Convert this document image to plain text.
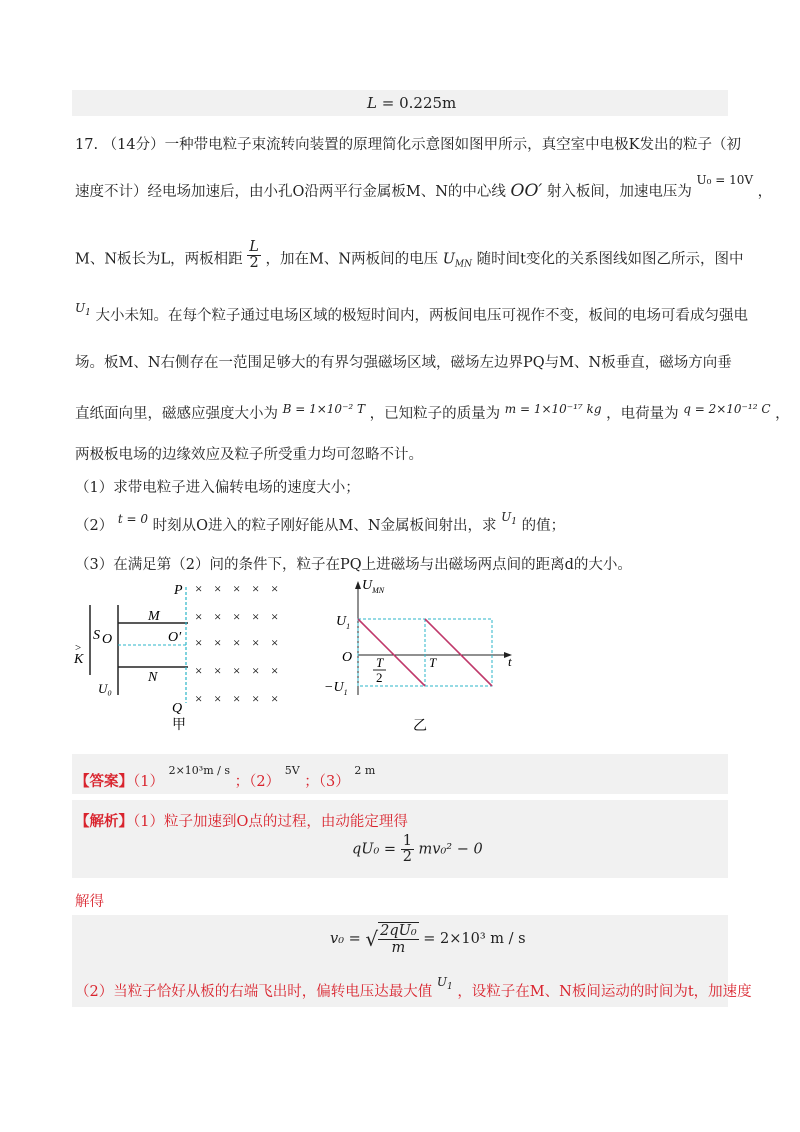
L = 0.225m
17. （14分）一种带电粒子束流转向装置的原理简化示意图如图甲所示，真空室中电极K发出的粒子（初
速度不计）经电场加速后，由小孔O沿两平行金属板M、N的中心线 OO′ 射入板间，加速电压为 $^{U_0 = 10V}$ ，
M、N板长为L，两板相距 $\frac{L}{2}$ ，加在M、N两板间的电压 $U_{MN}$ 随时间t变化的关系图线如图乙所示，图中
$^{U1}$ 大小未知。在每个粒子通过电场区域的极短时间内，两板间电压可视作不变，板间的电场可看成匀强电
场。板M、N右侧存在一范围足够大的有界匀强磁场区域，磁场左边界PQ与M、N板垂直，磁场方向垂
直纸面向里，磁感应强度大小为 $^{B = 1\times 10^{-2} T}$ ，已知粒子的质量为 $^{m = 1\times 10^{-17} kg}$ ，电荷量为 $^{q = 2\times 10^{-12} C}$ ，
两极板电场的边缘效应及粒子所受重力均可忽略不计。
（1）求带电粒子进入偏转电场的速度大小；
（2） $^{t = 0}$ 时刻从O进入的粒子刚好能从M、N金属板间射出，求 $^{U1}$ 的值；
（3）在满足第（2）问的条件下，粒子在PQ上进磁场与出磁场两点间的距离d的大小。
P
Q
M
N
O	O′
S
K
>
U₀
甲
× × × × ×
× × × × ×
× × × × ×
× × × × ×
× × × × ×
$U_{MN}$
t
O
$U_1$
$-U_1$
T
2
T
乙
【答案】（1） $^{2\times 10^3m / s}$ ；（2） $^{5V}$ ；（3） $^{2 m}$
【解析】（1）粒子加速到O点的过程，由动能定理得
$qU_0 = \frac{1}{2} mv_0^2 - 0$
解得
v₀ = √ $\frac{\text{2qU₀}}{m} = 2\times 10^3$ m / s
（2）当粒子恰好从板的右端飞出时，偏转电压达最大值 $^{U1}$ ，设粒子在M、N板间运动的时间为t，加速度
